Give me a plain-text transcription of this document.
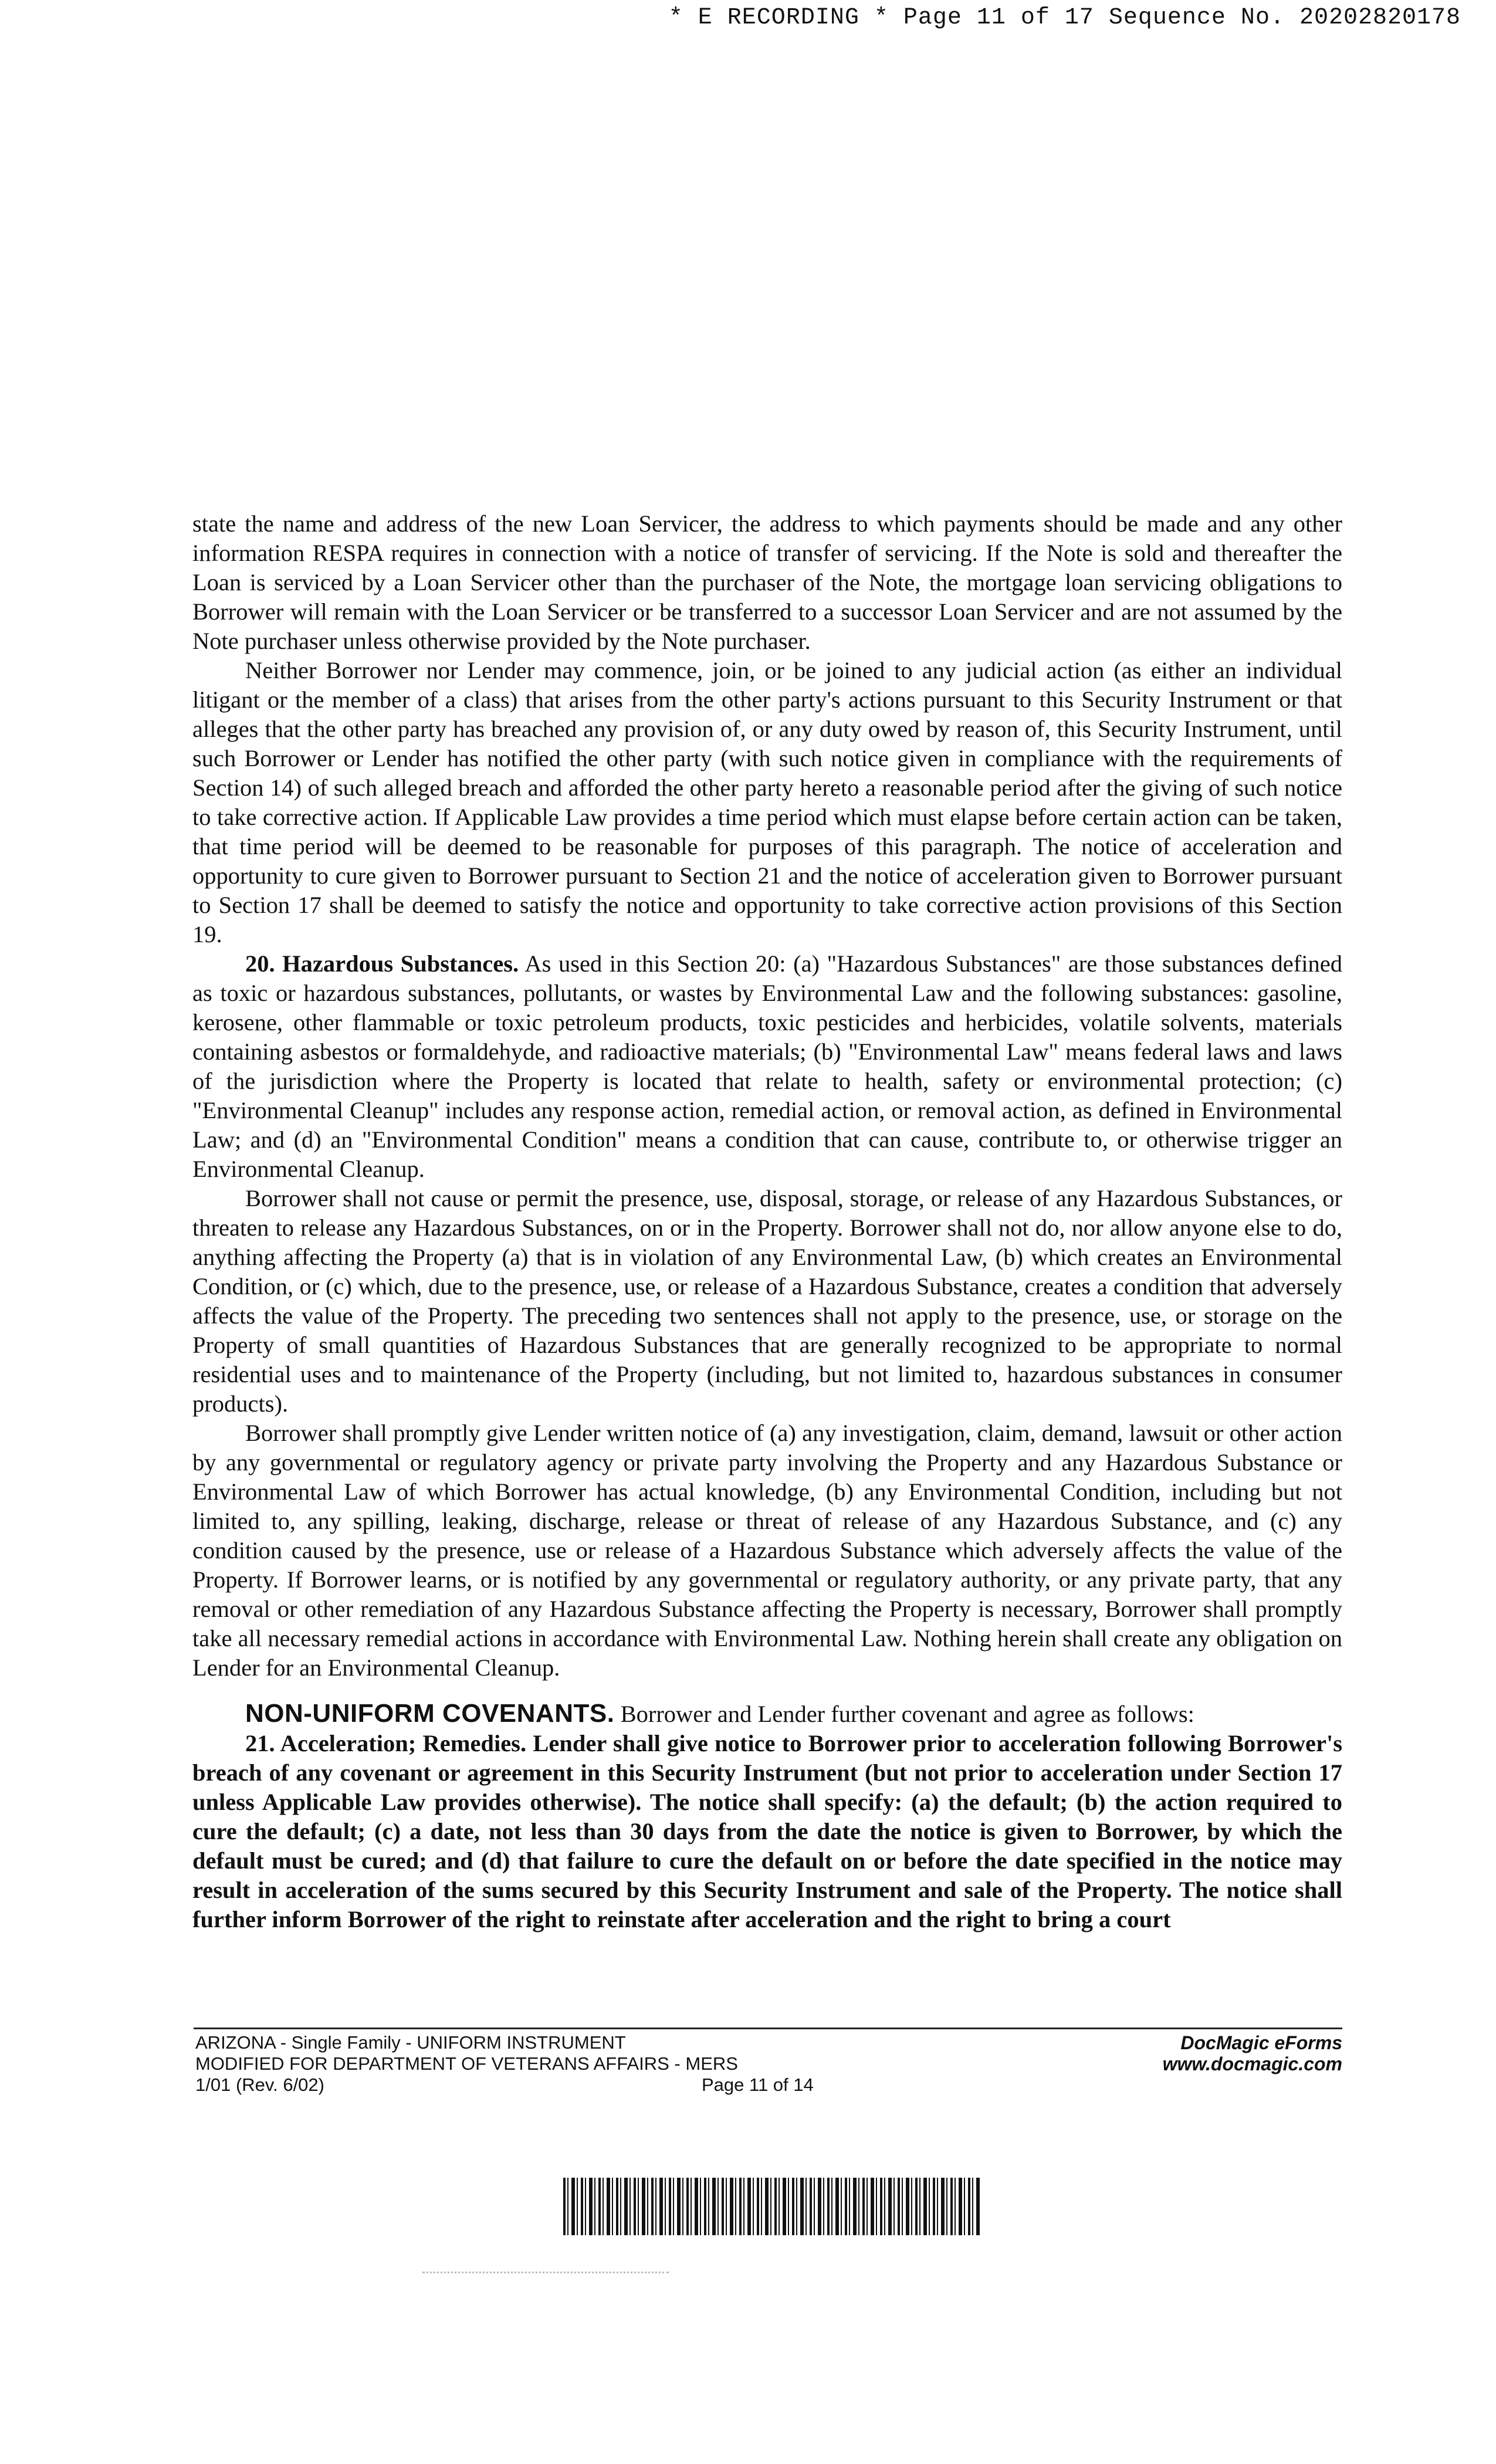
* E RECORDING * Page 11 of 17 Sequence No. 20202820178

state the name and address of the new Loan Servicer, the address to which payments should be made and any other information RESPA requires in connection with a notice of transfer of servicing. If the Note is sold and thereafter the Loan is serviced by a Loan Servicer other than the purchaser of the Note, the mortgage loan servicing obligations to Borrower will remain with the Loan Servicer or be transferred to a successor Loan Servicer and are not assumed by the Note purchaser unless otherwise provided by the Note purchaser.

Neither Borrower nor Lender may commence, join, or be joined to any judicial action (as either an individual litigant or the member of a class) that arises from the other party's actions pursuant to this Security Instrument or that alleges that the other party has breached any provision of, or any duty owed by reason of, this Security Instrument, until such Borrower or Lender has notified the other party (with such notice given in compliance with the requirements of Section 14) of such alleged breach and afforded the other party hereto a reasonable period after the giving of such notice to take corrective action. If Applicable Law provides a time period which must elapse before certain action can be taken, that time period will be deemed to be reasonable for purposes of this paragraph. The notice of acceleration and opportunity to cure given to Borrower pursuant to Section 21 and the notice of acceleration given to Borrower pursuant to Section 17 shall be deemed to satisfy the notice and opportunity to take corrective action provisions of this Section 19.

20. Hazardous Substances. As used in this Section 20: (a) "Hazardous Substances" are those substances defined as toxic or hazardous substances, pollutants, or wastes by Environmental Law and the following substances: gasoline, kerosene, other flammable or toxic petroleum products, toxic pesticides and herbicides, volatile solvents, materials containing asbestos or formaldehyde, and radioactive materials; (b) "Environmental Law" means federal laws and laws of the jurisdiction where the Property is located that relate to health, safety or environmental protection; (c) "Environmental Cleanup" includes any response action, remedial action, or removal action, as defined in Environmental Law; and (d) an "Environmental Condition" means a condition that can cause, contribute to, or otherwise trigger an Environmental Cleanup.

Borrower shall not cause or permit the presence, use, disposal, storage, or release of any Hazardous Substances, or threaten to release any Hazardous Substances, on or in the Property. Borrower shall not do, nor allow anyone else to do, anything affecting the Property (a) that is in violation of any Environmental Law, (b) which creates an Environmental Condition, or (c) which, due to the presence, use, or release of a Hazardous Substance, creates a condition that adversely affects the value of the Property. The preceding two sentences shall not apply to the presence, use, or storage on the Property of small quantities of Hazardous Substances that are generally recognized to be appropriate to normal residential uses and to maintenance of the Property (including, but not limited to, hazardous substances in consumer products).

Borrower shall promptly give Lender written notice of (a) any investigation, claim, demand, lawsuit or other action by any governmental or regulatory agency or private party involving the Property and any Hazardous Substance or Environmental Law of which Borrower has actual knowledge, (b) any Environmental Condition, including but not limited to, any spilling, leaking, discharge, release or threat of release of any Hazardous Substance, and (c) any condition caused by the presence, use or release of a Hazardous Substance which adversely affects the value of the Property. If Borrower learns, or is notified by any governmental or regulatory authority, or any private party, that any removal or other remediation of any Hazardous Substance affecting the Property is necessary, Borrower shall promptly take all necessary remedial actions in accordance with Environmental Law. Nothing herein shall create any obligation on Lender for an Environmental Cleanup.

NON-UNIFORM COVENANTS. Borrower and Lender further covenant and agree as follows:

21. Acceleration; Remedies. Lender shall give notice to Borrower prior to acceleration following Borrower's breach of any covenant or agreement in this Security Instrument (but not prior to acceleration under Section 17 unless Applicable Law provides otherwise). The notice shall specify: (a) the default; (b) the action required to cure the default; (c) a date, not less than 30 days from the date the notice is given to Borrower, by which the default must be cured; and (d) that failure to cure the default on or before the date specified in the notice may result in acceleration of the sums secured by this Security Instrument and sale of the Property. The notice shall further inform Borrower of the right to reinstate after acceleration and the right to bring a court

ARIZONA - Single Family - UNIFORM INSTRUMENT
MODIFIED FOR DEPARTMENT OF VETERANS AFFAIRS - MERS
1/01 (Rev. 6/02)	Page 11 of 14
DocMagic eForms
www.docmagic.com
